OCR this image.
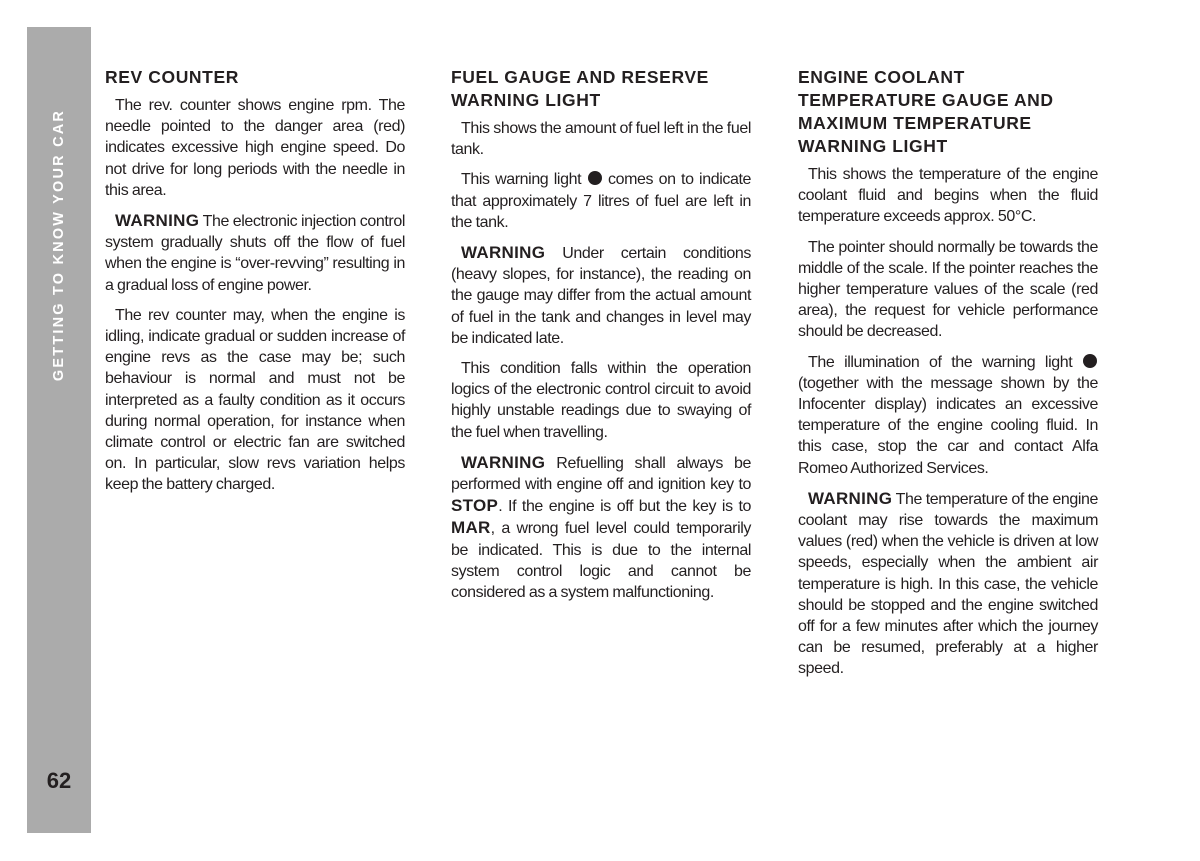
GETTING TO KNOW YOUR CAR
62
REV COUNTER

The rev. counter shows engine rpm. The needle pointed to the danger area (red) indicates excessive high engine speed. Do not drive for long periods with the needle in this area.

WARNING The electronic injection control system gradually shuts off the flow of fuel when the engine is “over-revving” resulting in a gradual loss of engine power.

The rev counter may, when the engine is idling, indicate gradual or sudden increase of engine revs as the case may be; such behaviour is normal and must not be interpreted as a faulty condition as it occurs during normal operation, for instance when climate control or electric fan are switched on. In particular, slow revs variation helps keep the battery charged.

FUEL GAUGE AND RESERVE WARNING LIGHT

This shows the amount of fuel left in the fuel tank.

This warning light  comes on to indicate that approximately 7 litres of fuel are left in the tank.

WARNING Under certain conditions (heavy slopes, for instance), the reading on the gauge may differ from the actual amount of fuel in the tank and changes in level may be indicated late.

This condition falls within the operation logics of the electronic control circuit to avoid highly unstable readings due to swaying of the fuel when travelling.

WARNING Refuelling shall always be performed with engine off and ignition key to STOP. If the engine is off but the key is to MAR, a wrong fuel level could temporarily be indicated. This is due to the internal system control logic and cannot be considered as a system malfunctioning.

ENGINE COOLANT TEMPERATURE GAUGE AND MAXIMUM TEMPERATURE WARNING LIGHT

This shows the temperature of the engine coolant fluid and begins when the fluid temperature exceeds approx. 50°C.

The pointer should normally be towards the middle of the scale. If the pointer reaches the higher temperature values of the scale (red area), the request for vehicle performance should be decreased.

The illumination of the warning light  (together with the message shown by the Infocenter display) indicates an excessive temperature of the engine cooling fluid. In this case, stop the car and contact Alfa Romeo Authorized Services.

WARNING The temperature of the engine coolant may rise towards the maximum values (red) when the vehicle is driven at low speeds, especially when the ambient air temperature is high. In this case, the vehicle should be stopped and the engine switched off for a few minutes after which the journey can be resumed, preferably at a higher speed.
